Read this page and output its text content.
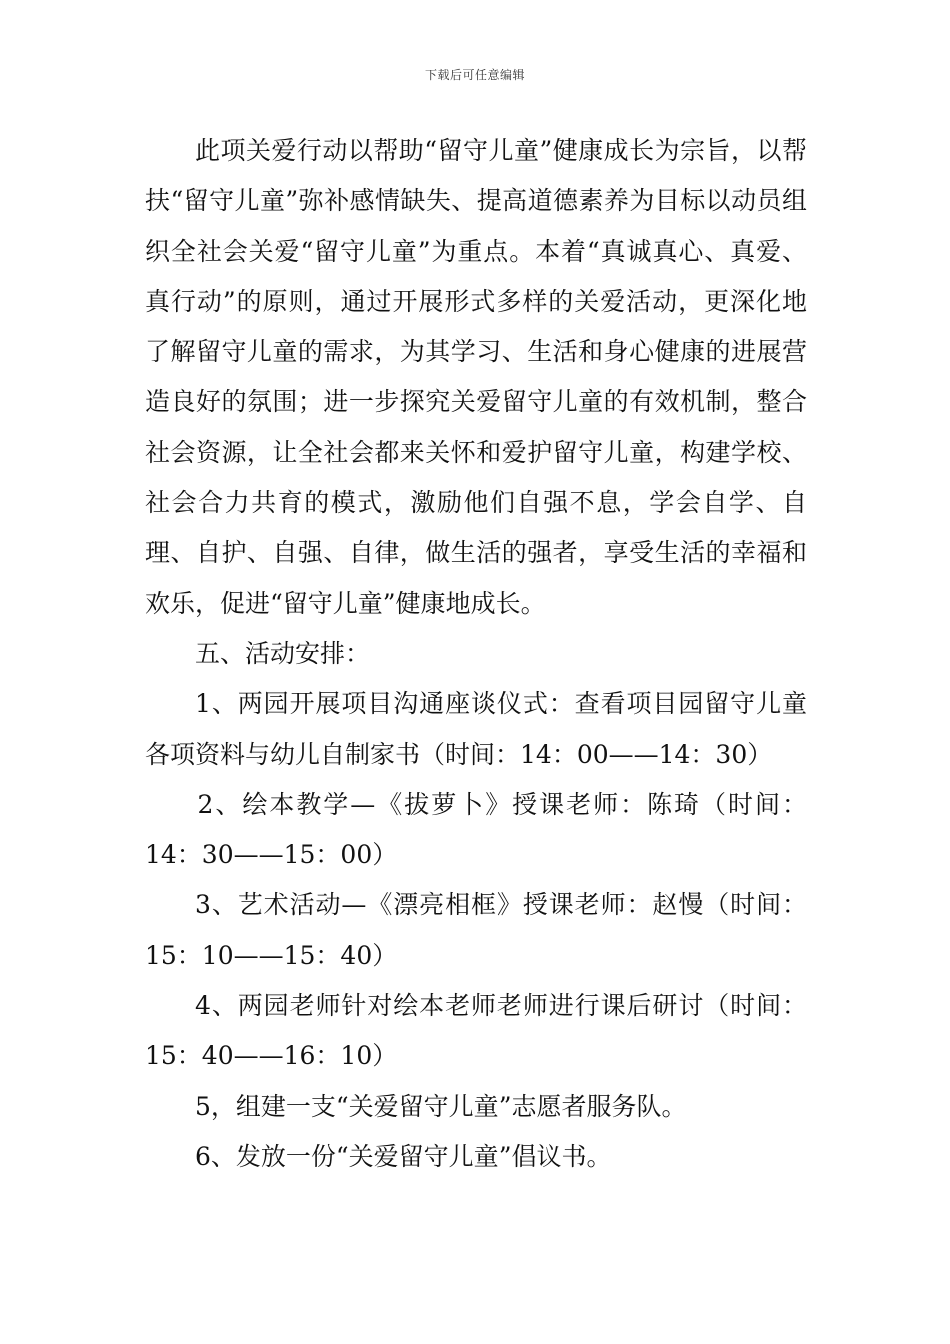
下载后可任意编辑

此项关爱行动以帮助“留守儿童”健康成长为宗旨，以帮扶“留守儿童”弥补感情缺失、提高道德素养为目标以动员组织全社会关爱“留守儿童”为重点。本着“真诚真心、真爱、真行动”的原则，通过开展形式多样的关爱活动，更深化地了解留守儿童的需求，为其学习、生活和身心健康的进展营造良好的氛围；进一步探究关爱留守儿童的有效机制，整合社会资源，让全社会都来关怀和爱护留守儿童，构建学校、社会合力共育的模式，激励他们自强不息，学会自学、自理、自护、自强、自律，做生活的强者，享受生活的幸福和欢乐，促进“留守儿童”健康地成长。

五、活动安排：

1、两园开展项目沟通座谈仪式：查看项目园留守儿童各项资料与幼儿自制家书（时间：14：00——14：30）

2、绘本教学—《拔萝卜》授课老师：陈琦（时间：14：30——15：00）

3、艺术活动—《漂亮相框》授课老师：赵慢（时间：15：10——15：40）

4、两园老师针对绘本老师老师进行课后研讨（时间：15：40——16：10）

5，组建一支“关爱留守儿童”志愿者服务队。

6、发放一份“关爱留守儿童”倡议书。
